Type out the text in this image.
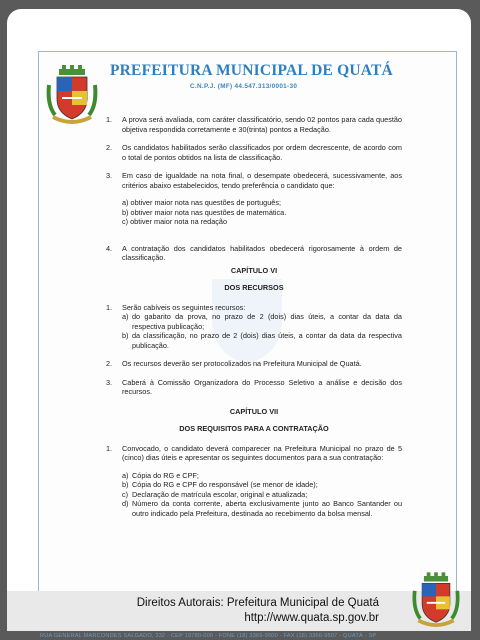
PREFEITURA MUNICIPAL DE QUATÁ
C.N.P.J. (MF) 44.547.313/0001-30
1.	A prova será avaliada, com caráter classificatório, sendo 02 pontos para cada questão objetiva respondida corretamente e 30(trinta) pontos a Redação.
2.	Os candidatos habilitados serão classificados por ordem decrescente, de acordo com o total de pontos obtidos na lista de classificação.
3.	Em caso de igualdade na nota final, o desempate obedecerá, sucessivamente, aos critérios abaixo estabelecidos, tendo preferência o candidato que:
a) obtiver maior nota nas questões de português;
b) obtiver maior nota nas questões de matemática.
c) obtiver maior nota na redação
4.	A contratação dos candidatos habilitados obedecerá rigorosamente à ordem de classificação.
CAPÍTULO VI
DOS RECURSOS
1.	Serão cabíveis os seguintes recursos:
a) do gabarito da prova, no prazo de 2 (dois) dias úteis, a contar da data da respectiva publicação;
b) da classificação, no prazo de 2 (dois) dias úteis, a contar da data da respectiva publicação.
2.	Os recursos deverão ser protocolizados na Prefeitura Municipal de Quatá.
3.	Caberá à Comissão Organizadora do Processo Seletivo a análise e decisão dos recursos.
CAPÍTULO VII
DOS REQUISITOS PARA A CONTRATAÇÃO
1.	Convocado, o candidato deverá comparecer na Prefeitura Municipal no prazo de 5 (cinco) dias úteis e apresentar os seguintes documentos para a sua contratação:
a) Cópia do RG e CPF;
b) Cópia do RG e CPF do responsável (se menor de idade);
c) Declaração de matrícula escolar, original e atualizada;
d) Número da conta corrente, aberta exclusivamente junto ao Banco Santander ou outro indicado pela Prefeitura, destinada ao recebimento da bolsa mensal.
Direitos Autorais: Prefeitura Municipal de Quatá
http://www.quata.sp.gov.br
RUA GENERAL MARCONDES SALGADO, 332 - CEP 19780-000 - FONE (18) 3366-9500 - FAX (18) 3366-9507 - QUATÁ - SP
